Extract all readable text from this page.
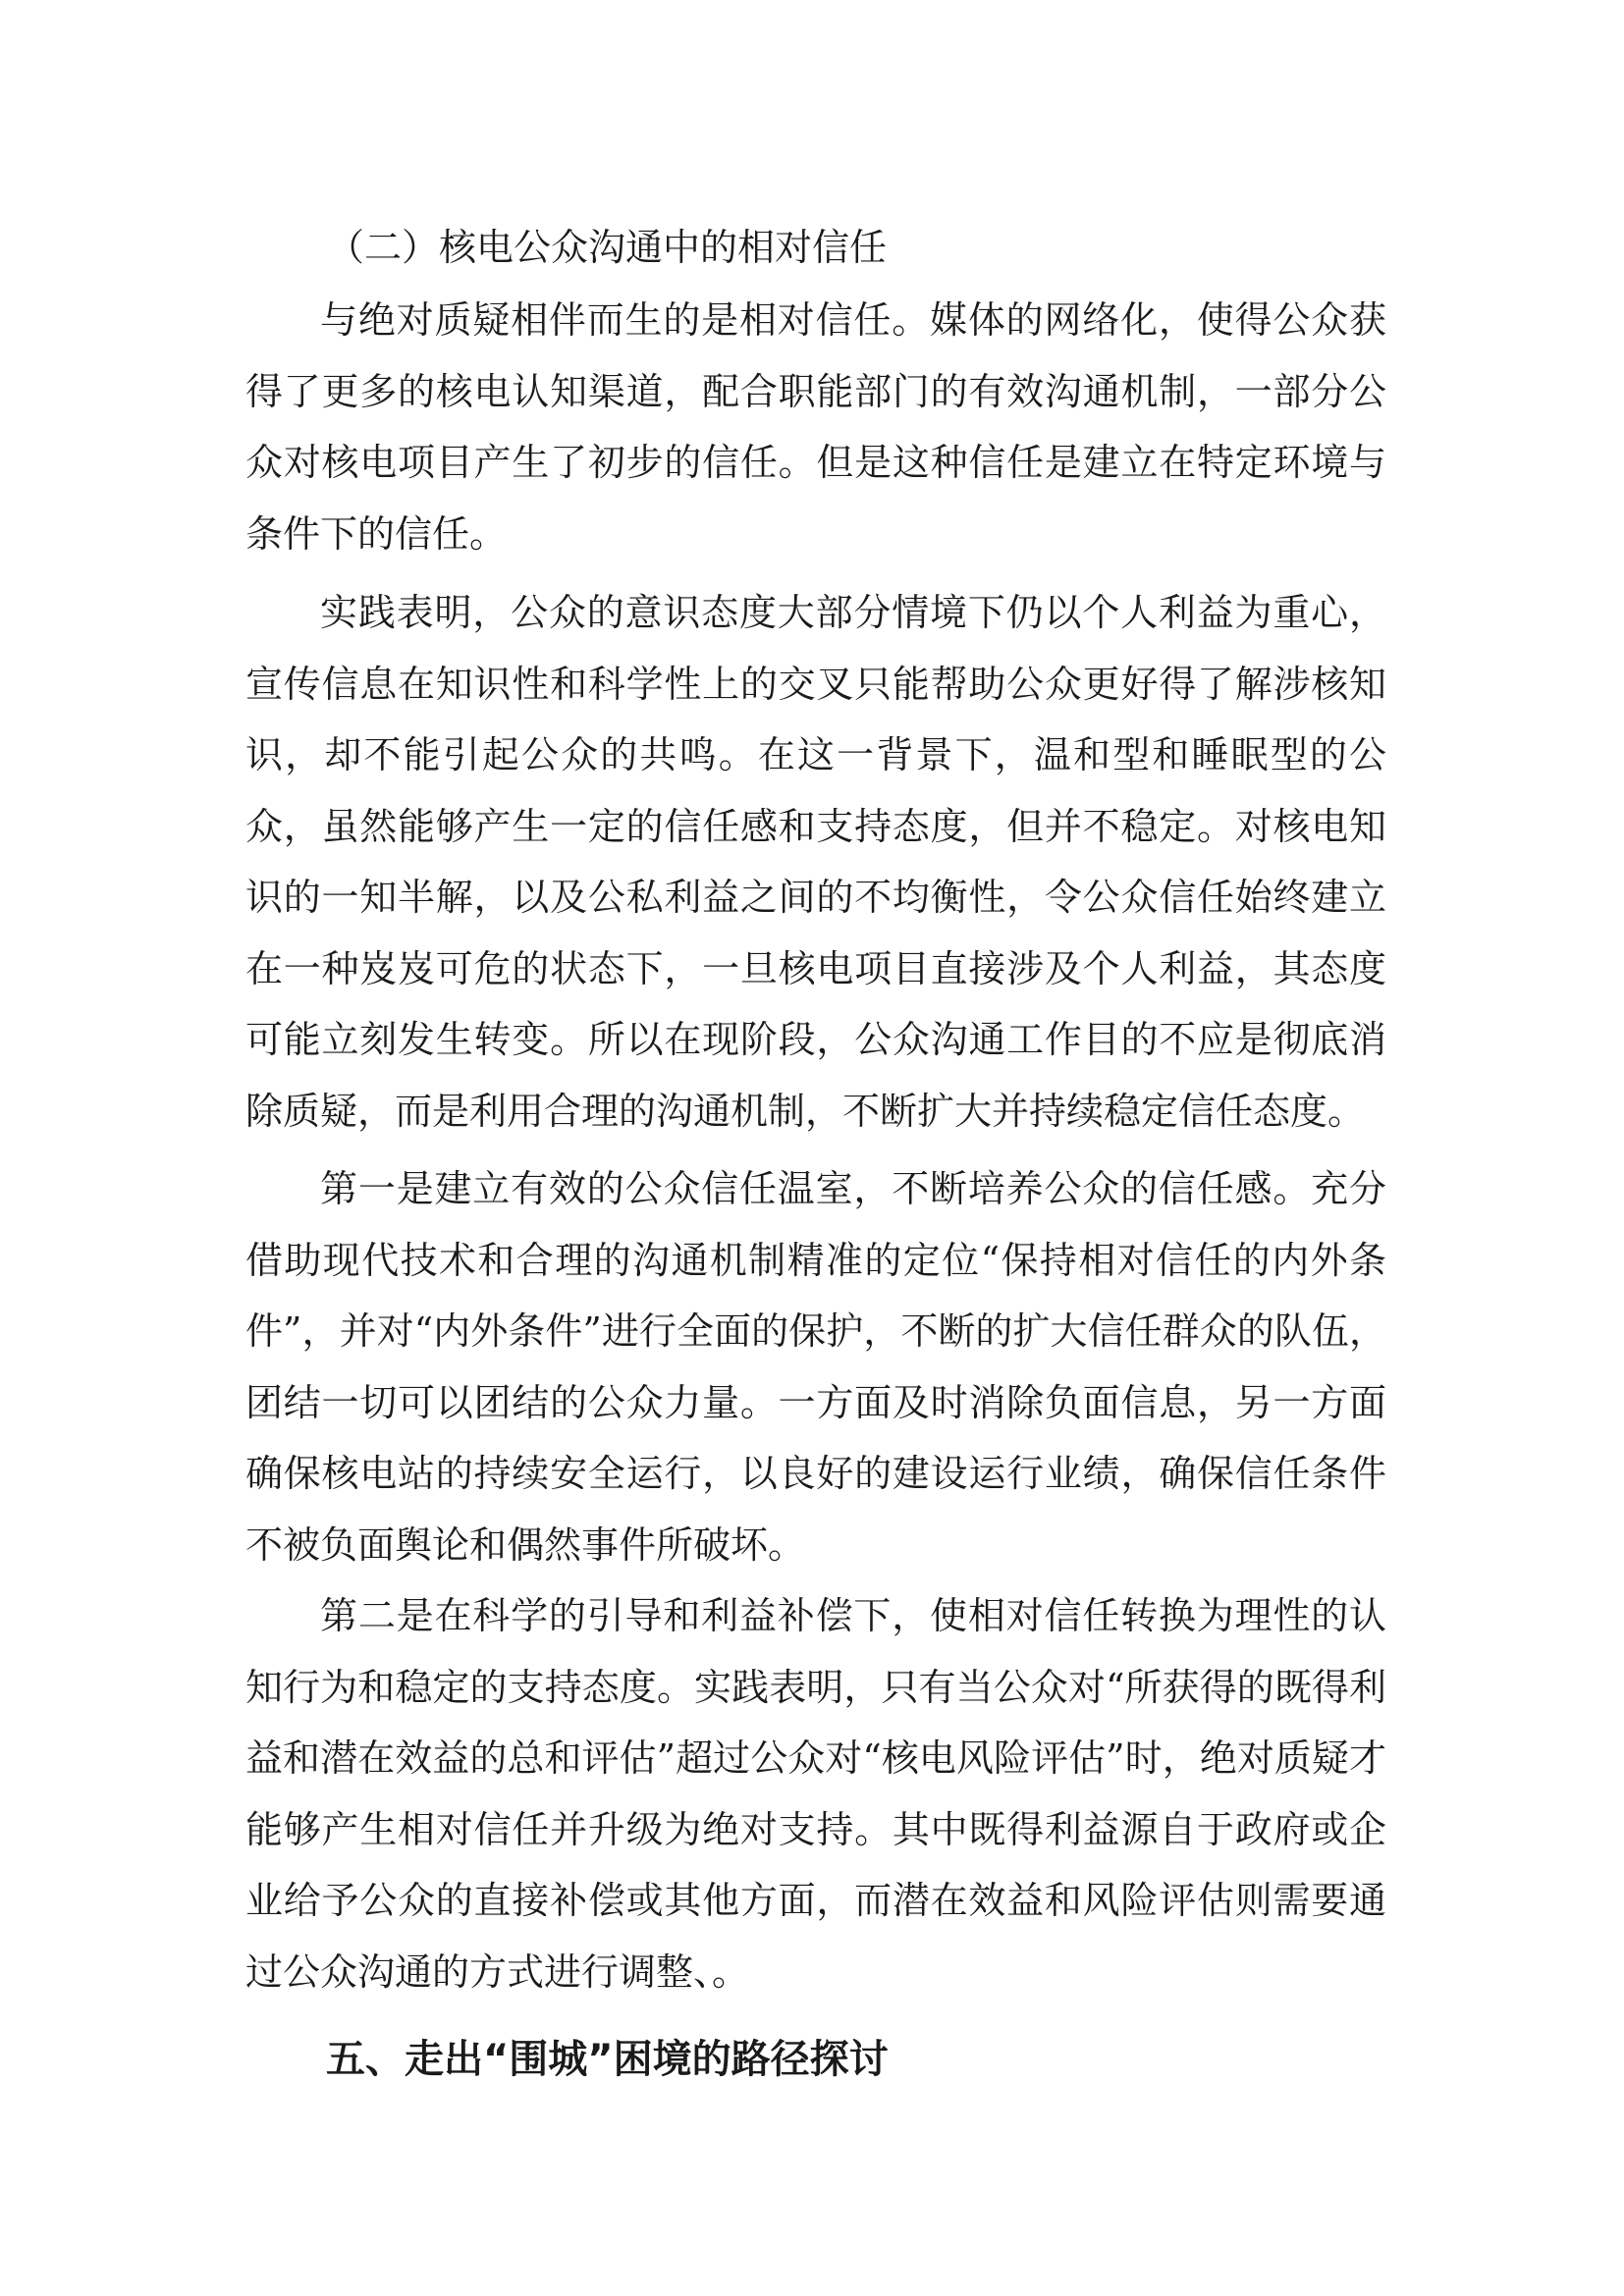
（二）核电公众沟通中的相对信任

与绝对质疑相伴而生的是相对信任。媒体的网络化，使得公众获得了更多的核电认知渠道，配合职能部门的有效沟通机制，一部分公众对核电项目产生了初步的信任。但是这种信任是建立在特定环境与条件下的信任。

实践表明，公众的意识态度大部分情境下仍以个人利益为重心，宣传信息在知识性和科学性上的交叉只能帮助公众更好得了解涉核知识，却不能引起公众的共鸣。在这一背景下，温和型和睡眠型的公众，虽然能够产生一定的信任感和支持态度，但并不稳定。对核电知识的一知半解，以及公私利益之间的不均衡性，令公众信任始终建立在一种岌岌可危的状态下，一旦核电项目直接涉及个人利益，其态度可能立刻发生转变。所以在现阶段，公众沟通工作目的不应是彻底消除质疑，而是利用合理的沟通机制，不断扩大并持续稳定信任态度。

第一是建立有效的公众信任温室，不断培养公众的信任感。充分借助现代技术和合理的沟通机制精准的定位“保持相对信任的内外条件”，并对“内外条件”进行全面的保护，不断的扩大信任群众的队伍，团结一切可以团结的公众力量。一方面及时消除负面信息，另一方面确保核电站的持续安全运行，以良好的建设运行业绩，确保信任条件不被负面舆论和偶然事件所破坏。

第二是在科学的引导和利益补偿下，使相对信任转换为理性的认知行为和稳定的支持态度。实践表明，只有当公众对“所获得的既得利益和潜在效益的总和评估”超过公众对“核电风险评估”时，绝对质疑才能够产生相对信任并升级为绝对支持。其中既得利益源自于政府或企业给予公众的直接补偿或其他方面，而潜在效益和风险评估则需要通过公众沟通的方式进行调整、。

五、走出“围城”困境的路径探讨
